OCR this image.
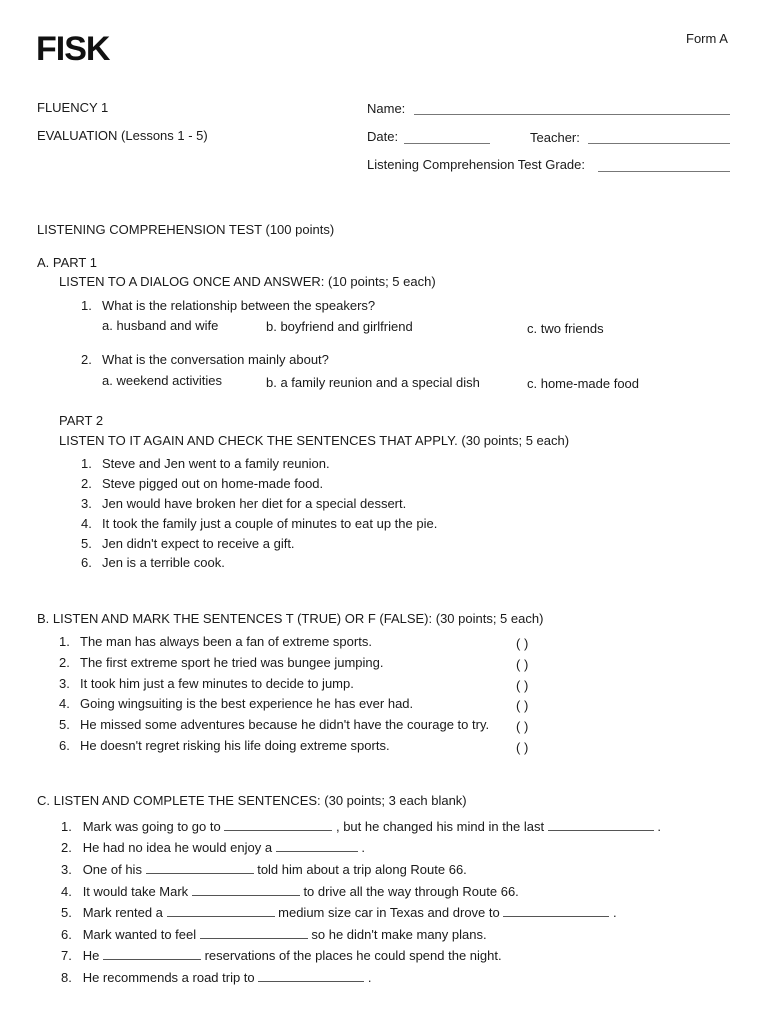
FISK	Form A
FLUENCY 1
EVALUATION (Lessons 1 - 5)
Name:
Date:	Teacher:
Listening Comprehension Test Grade:
LISTENING COMPREHENSION TEST (100 points)
A. PART 1
LISTEN TO A DIALOG ONCE AND ANSWER: (10 points; 5 each)
1. What is the relationship between the speakers?
a. husband and wife	b. boyfriend and girlfriend	c. two friends
2. What is the conversation mainly about?
a. weekend activities	b. a family reunion and a special dish	c. home-made food
PART 2
LISTEN TO IT AGAIN AND CHECK THE SENTENCES THAT APPLY. (30 points; 5 each)
1. Steve and Jen went to a family reunion.
2. Steve pigged out on home-made food.
3. Jen would have broken her diet for a special dessert.
4. It took the family just a couple of minutes to eat up the pie.
5. Jen didn't expect to receive a gift.
6. Jen is a terrible cook.
B. LISTEN AND MARK THE SENTENCES T (TRUE) OR F (FALSE): (30 points; 5 each)
1. The man has always been a fan of extreme sports.	( )
2. The first extreme sport he tried was bungee jumping.	( )
3. It took him just a few minutes to decide to jump.	( )
4. Going wingsuiting is the best experience he has ever had.	( )
5. He missed some adventures because he didn't have the courage to try. ( )
6. He doesn't regret risking his life doing extreme sports.	( )
C. LISTEN AND COMPLETE THE SENTENCES: (30 points; 3 each blank)
1. Mark was going to go to	, but he changed his mind in the last	.
2. He had no idea he would enjoy a	.
3. One of his	told him about a trip along Route 66.
4. It would take Mark	to drive all the way through Route 66.
5. Mark rented a	medium size car in Texas and drove to	.
6. Mark wanted to feel	so he didn't make many plans.
7. He	reservations of the places he could spend the night.
8. He recommends a road trip to	.
